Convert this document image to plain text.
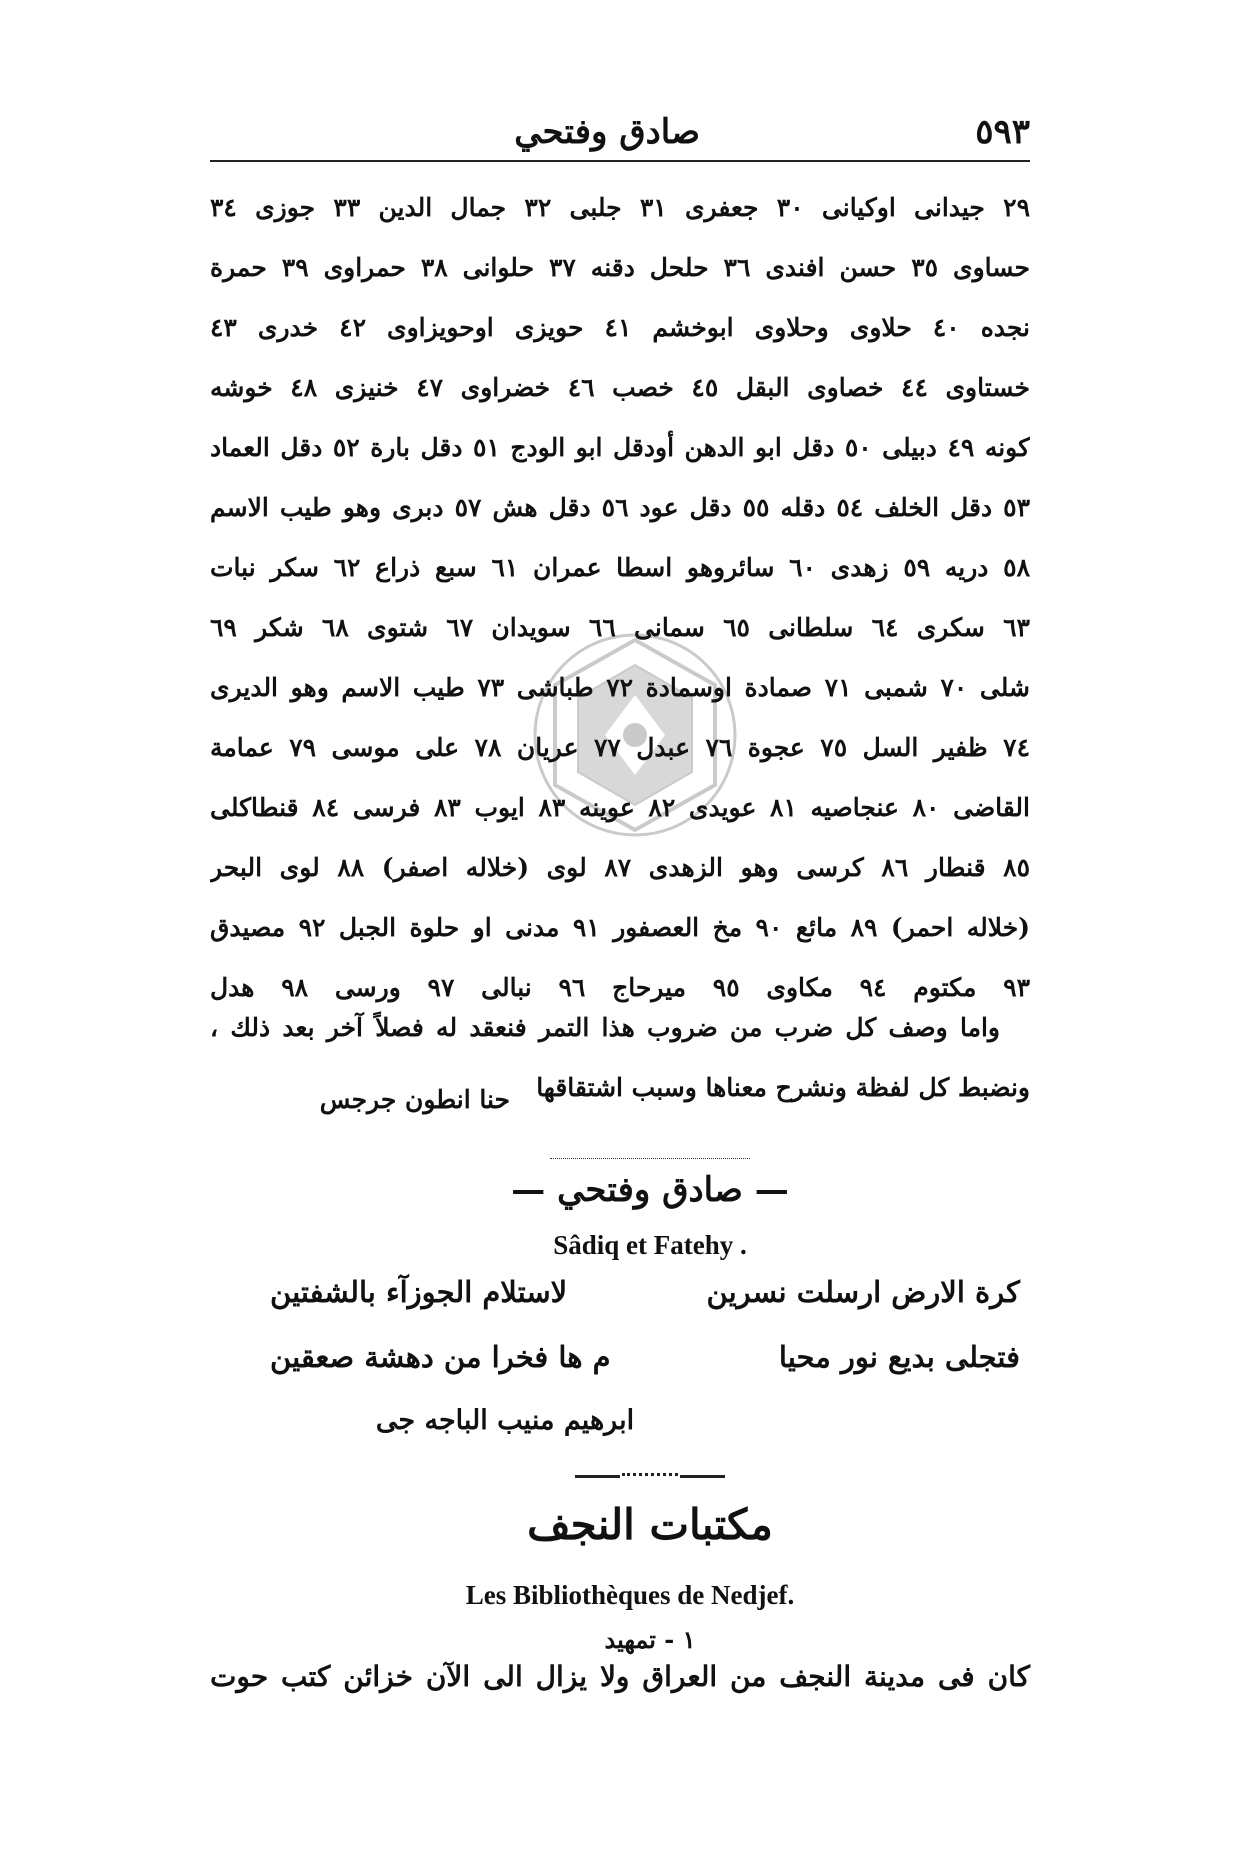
٥٩٣
صادق وفتحي
٢٩ جيدانى اوكيانى ٣٠ جعفرى ٣١ جلبى ٣٢ جمال الدين ٣٣ جوزى ٣٤
حساوى ٣٥ حسن افندى ٣٦ حلحل دقنه ٣٧ حلوانى ٣٨ حمراوى ٣٩ حمرة
نجده ٤٠ حلاوى وحلاوى ابوخشم ٤١ حويزى اوحويزاوى ٤٢ خدرى ٤٣
خستاوى ٤٤ خصاوى البقل ٤٥ خصب ٤٦ خضراوى ٤٧ خنيزى ٤٨ خوشه
كونه ٤٩ دبيلى ٥٠ دقل ابو الدهن أودقل ابو الودج ٥١ دقل بارة ٥٢ دقل العماد
٥٣ دقل الخلف ٥٤ دقله ٥٥ دقل عود ٥٦ دقل هش ٥٧ دبرى وهو طيب الاسم
٥٨ دريه ٥٩ زهدى ٦٠ سائروهو اسطا عمران ٦١ سبع ذراع ٦٢ سكر نبات
٦٣ سكرى ٦٤ سلطانى ٦٥ سمانى ٦٦ سويدان ٦٧ شتوى ٦٨ شكر ٦٩
شلى ٧٠ شمبى ٧١ صمادة اوسمادة ٧٢ طباشى ٧٣ طيب الاسم وهو الديرى
٧٤ ظفير السل ٧٥ عجوة ٧٦ عبدل ٧٧ عريان ٧٨ على موسى ٧٩ عمامة
القاضى ٨٠ عنجاصيه ٨١ عويدى ٨٢ عوينه ٨٣ ايوب ٨٣ فرسى ٨٤ قنطاكلى
٨٥ قنطار ٨٦ كرسى وهو الزهدى ٨٧ لوى (خلاله اصفر) ٨٨ لوى البحر
(خلاله احمر) ٨٩ مائع ٩٠ مخ العصفور ٩١ مدنى او حلوة الجبل ٩٢ مصيدق
٩٣ مكتوم ٩٤ مكاوى ٩٥ ميرحاج ٩٦ نبالى ٩٧ ورسى ٩٨ هدل
واما وصف كل ضرب من ضروب هذا التمر فنعقد له فصلاً آخر بعد ذلك ،
ونضبط كل لفظة ونشرح معناها وسبب اشتقاقها
حنا انطون جرجس
— صادق وفتحي —
Sâdiq et Fatehy .
كرة الارض ارسلت نسرين
لاستلام الجوزآء بالشفتين
فتجلى بديع نور محيا
م ها فخرا من دهشة صعقين
ابرهيم منيب الباجه جى
مكتبات النجف
Les Bibliothèques de Nedjef.
١ - تمهيد
كان فى مدينة النجف من العراق ولا يزال الى الآن خزائن كتب حوت
